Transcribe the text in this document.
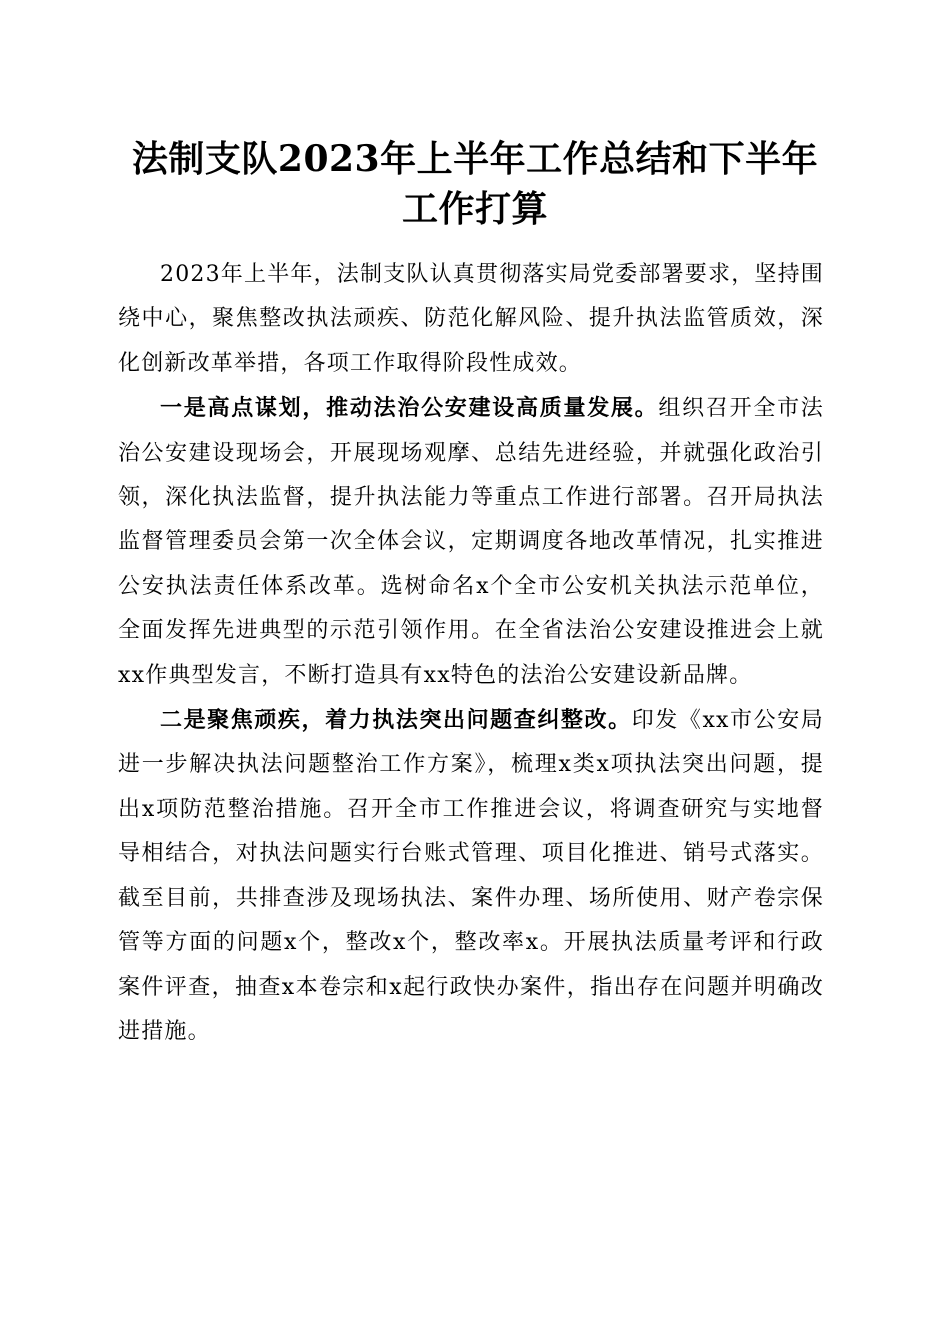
法制支队2023年上半年工作总结和下半年工作打算

2023年上半年，法制支队认真贯彻落实局党委部署要求，坚持围绕中心，聚焦整改执法顽疾、防范化解风险、提升执法监管质效，深化创新改革举措，各项工作取得阶段性成效。

一是高点谋划，推动法治公安建设高质量发展。组织召开全市法治公安建设现场会，开展现场观摩、总结先进经验，并就强化政治引领，深化执法监督，提升执法能力等重点工作进行部署。召开局执法监督管理委员会第一次全体会议，定期调度各地改革情况，扎实推进公安执法责任体系改革。选树命名x个全市公安机关执法示范单位，全面发挥先进典型的示范引领作用。在全省法治公安建设推进会上就xx作典型发言，不断打造具有xx特色的法治公安建设新品牌。

二是聚焦顽疾，着力执法突出问题查纠整改。印发《xx市公安局进一步解决执法问题整治工作方案》，梳理x类x项执法突出问题，提出x项防范整治措施。召开全市工作推进会议，将调查研究与实地督导相结合，对执法问题实行台账式管理、项目化推进、销号式落实。截至目前，共排查涉及现场执法、案件办理、场所使用、财产卷宗保管等方面的问题x个，整改x个，整改率x。开展执法质量考评和行政案件评查，抽查x本卷宗和x起行政快办案件，指出存在问题并明确改进措施。
